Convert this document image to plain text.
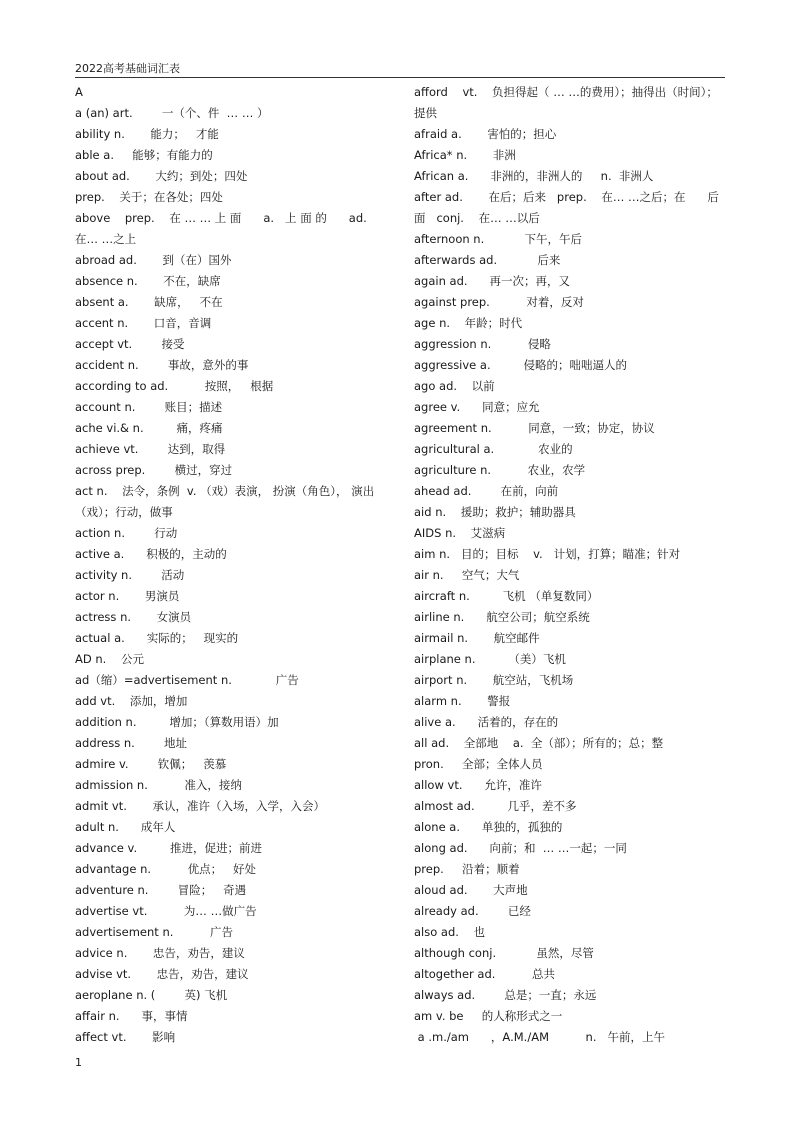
2022高考基础词汇表
A
a (an) art.        一（个、件  … … ）
ability n.       能力；   才能
able a.     能够；有能力的
about ad.       大约；到处；四处
prep.    关于；在各处；四处
above    prep.    在 … … 上 面      a.   上 面 的      ad.  在… …之上
abroad ad.       到（在）国外
absence n.       不在，缺席
absent a.       缺席，   不在
accent n.       口音，音调
accept vt.        接受
accident n.        事故，意外的事
according to ad.          按照，   根据
account n.        账目；描述
ache vi.& n.         痛，疼痛
achieve vt.        达到，取得
across prep.        横过，穿过
act n.    法令，条例  v. （戏）表演， 扮演（角色）， 演出（戏）；行动，做事
action n.        行动
active a.      积极的，主动的
activity n.        活动
actor n.       男演员
actress n.       女演员
actual a.      实际的；   现实的
AD n.    公元
ad（缩）=advertisement n.            广告
add vt.    添加，增加
addition n.         增加；（算数用语）加
address n.        地址
admire v.        钦佩；   羡慕
admission n.          准入，接纳
admit vt.       承认，准许（入场，入学，入会）
adult n.      成年人
advance v.         推进，促进；前进
advantage n.          优点；   好处
adventure n.        冒险；   奇遇
advertise vt.          为… …做广告
advertisement n.          广告
advice n.       忠告，劝告，建议
advise vt.       忠告，劝告，建议
aeroplane n. (        英) 飞机
affair n.      事，事情
affect vt.       影响
afford    vt.    负担得起（ … …的费用）；抽得出（时间）；提供
afraid a.       害怕的；担心
Africa* n.       非洲
African a.      非洲的，非洲人的     n.  非洲人
after ad.       在后；后来   prep.    在… …之后；在      后面   conj.    在… …以后
afternoon n.           下午，午后
afterwards ad.           后来
again ad.      再一次；再，又
against prep.          对着，反对
age n.    年龄；时代
aggression n.          侵略
aggressive a.         侵略的；咄咄逼人的
ago ad.    以前
agree v.      同意；应允
agreement n.          同意，一致；协定，协议
agricultural a.            农业的
agriculture n.          农业，农学
ahead ad.        在前，向前
aid n.    援助；救护；辅助器具
AIDS n.    艾滋病
aim n.   目的；目标    v.   计划，打算；瞄准；针对
air n.     空气；大气
aircraft n.         飞机 （单复数同）
airline n.      航空公司；航空系统
airmail n.       航空邮件
airplane n.         （美）飞机
airport n.       航空站，飞机场
alarm n.       警报
alive a.      活着的，存在的
all ad.    全部地    a.  全（部）；所有的；总；整
pron.     全部；全体人员
allow vt.      允许，准许
almost ad.         几乎，差不多
alone a.      单独的，孤独的
along ad.      向前；和  … …一起；一同
prep.     沿着；顺着
aloud ad.       大声地
already ad.        已经
also ad.    也
although conj.           虽然，尽管
altogether ad.          总共
always ad.        总是；一直；永远
am v. be     的人称形式之一
a .m./am      ，A.M./AM          n.   午前，上午
1
